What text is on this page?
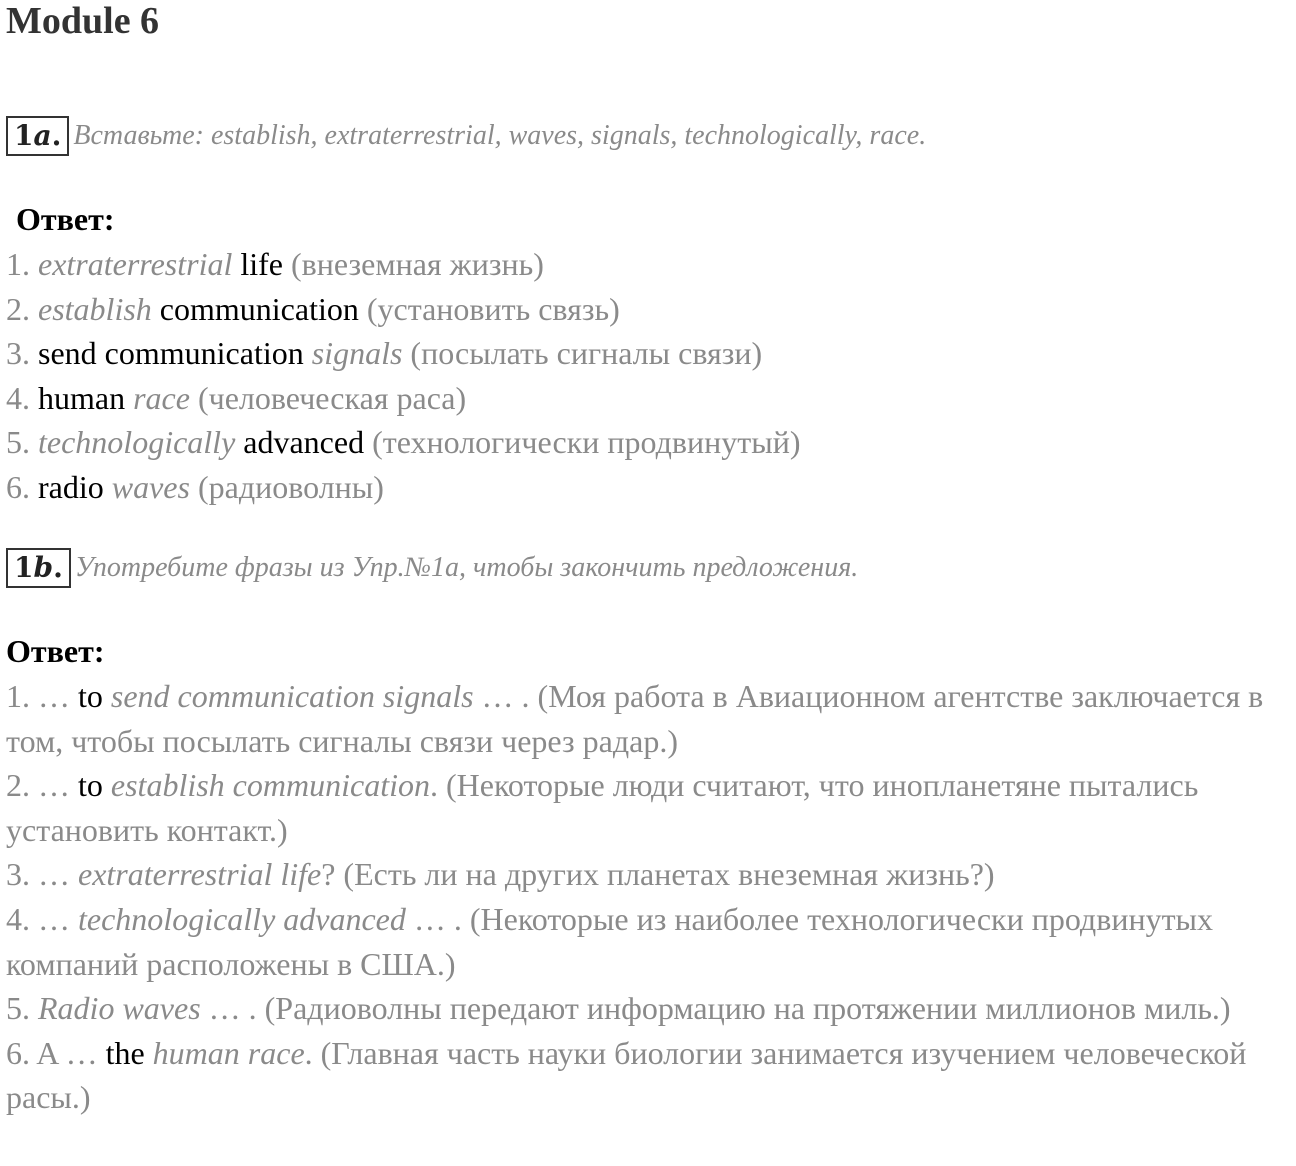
Module 6
1a. Вставьте: establish, extraterrestrial, waves, signals, technologically, race.
Ответ:
1. extraterrestrial life (внеземная жизнь)
2. establish communication (установить связь)
3. send communication signals (посылать сигналы связи)
4. human race (человеческая раса)
5. technologically advanced (технологически продвинутый)
6. radio waves (радиоволны)
1b. Употребите фразы из Упр.№1a, чтобы закончить предложения.
Ответ:
1. … to send communication signals … . (Моя работа в Авиационном агентстве заключается в том, чтобы посылать сигналы связи через радар.)
2. … to establish communication. (Некоторые люди считают, что инопланетяне пытались установить контакт.)
3. … extraterrestrial life? (Есть ли на других планетах внеземная жизнь?)
4. … technologically advanced … . (Некоторые из наиболее технологически продвинутых компаний расположены в США.)
5. Radio waves … . (Радиоволны передают информацию на протяжении миллионов миль.)
6. A … the human race. (Главная часть науки биологии занимается изучением человеческой расы.)
